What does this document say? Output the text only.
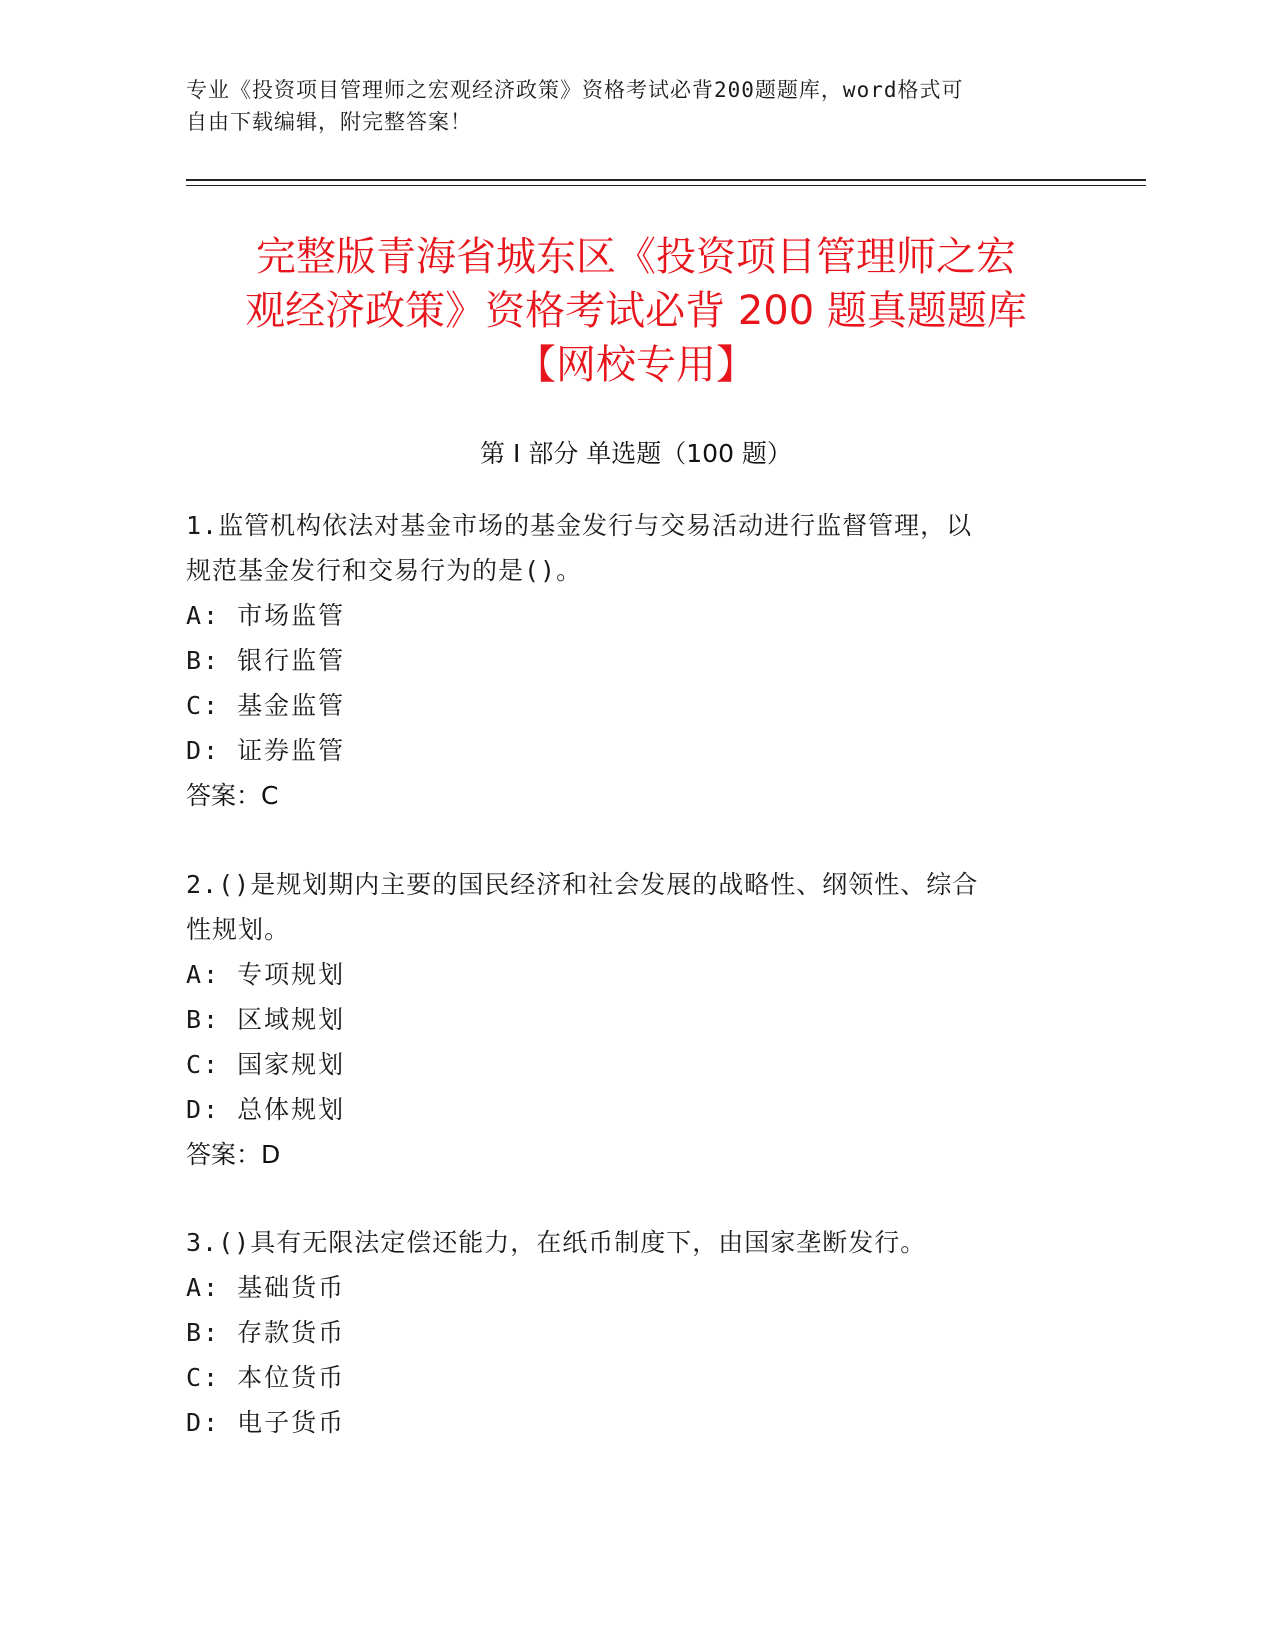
专业《投资项目管理师之宏观经济政策》资格考试必背200题题库，word格式可
自由下载编辑，附完整答案！
完整版青海省城东区《投资项目管理师之宏
观经济政策》资格考试必背 200 题真题题库
【网校专用】
第 I 部分 单选题（100 题）

1.监管机构依法对基金市场的基金发行与交易活动进行监督管理，以

规范基金发行和交易行为的是()。

A: 市场监管

B: 银行监管

C: 基金监管

D: 证券监管

答案：C

2.()是规划期内主要的国民经济和社会发展的战略性、纲领性、综合

性规划。

A: 专项规划

B: 区域规划

C: 国家规划

D: 总体规划

答案：D

3.()具有无限法定偿还能力，在纸币制度下，由国家垄断发行。

A: 基础货币

B: 存款货币

C: 本位货币

D: 电子货币
